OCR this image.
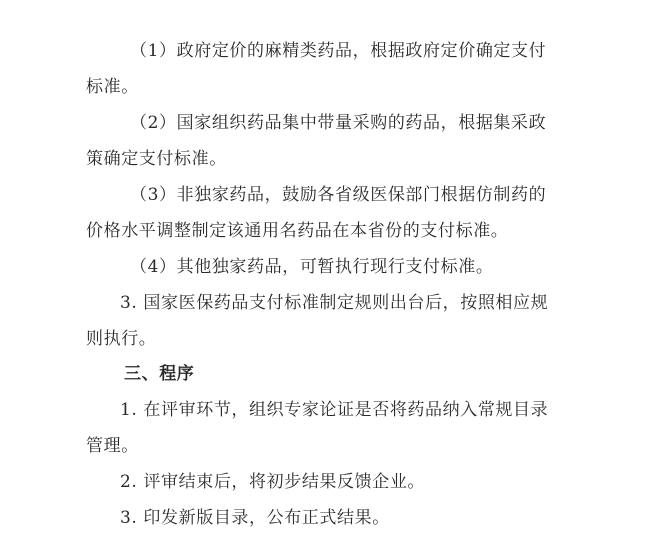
（1）政府定价的麻精类药品，根据政府定价确定支付
标准。
（2）国家组织药品集中带量采购的药品，根据集采政
策确定支付标准。
（3）非独家药品，鼓励各省级医保部门根据仿制药的
价格水平调整制定该通用名药品在本省份的支付标准。
（4）其他独家药品，可暂执行现行支付标准。
3. 国家医保药品支付标准制定规则出台后，按照相应规
则执行。
三、程序
1. 在评审环节，组织专家论证是否将药品纳入常规目录
管理。
2. 评审结束后，将初步结果反馈企业。
3. 印发新版目录，公布正式结果。
